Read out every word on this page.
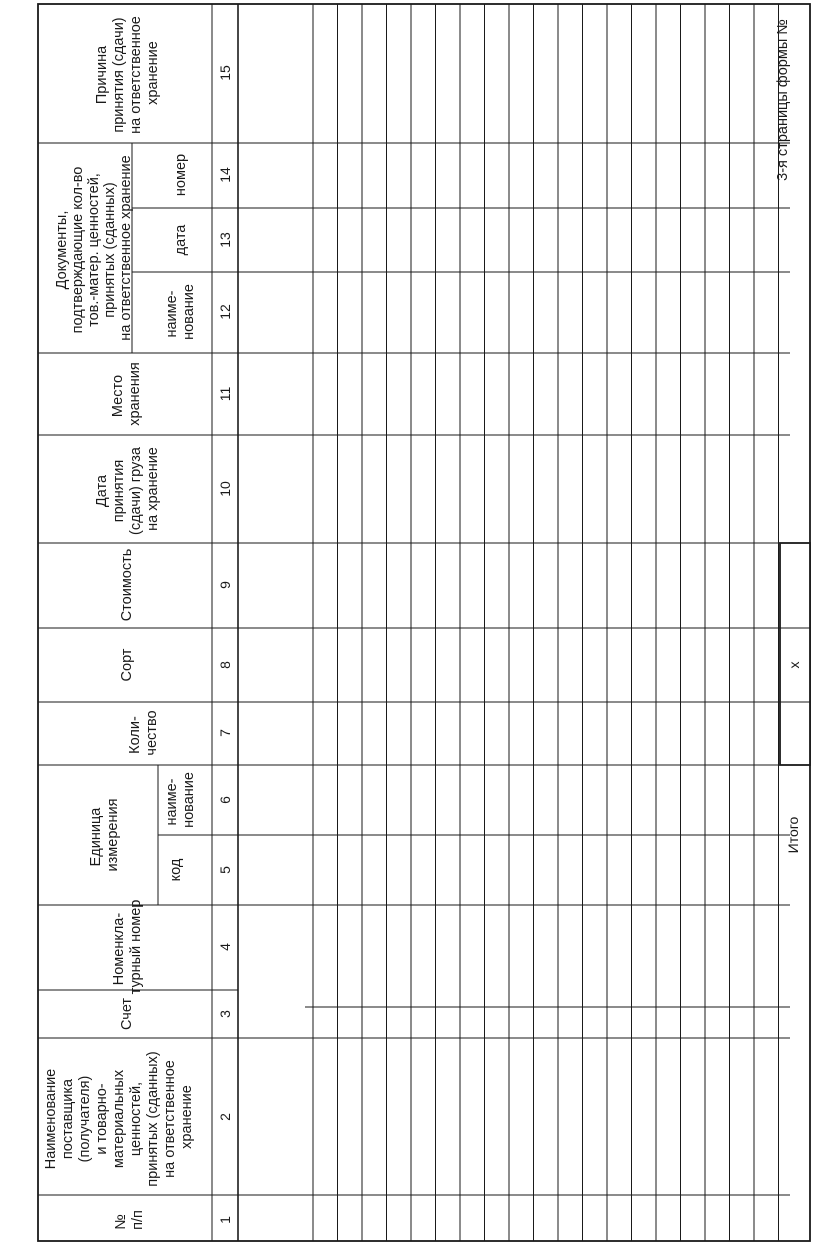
3-я страницы формы №
№ п/п
Наименование поставщика (получателя) и товарно- материальных ценностей, принятых (сданных) на ответственное хранение
Счет
Номенкла- турный номер
Единица измерения	код
наиме- нование
Коли- чество
Сорт
Стоимость
Дата принятия (сдачи) груза на хранение
Место хранения
Документы, подтверждающие кол-во тов.-матер. ценностей, принятых (сданных) на ответственное хранение наиме- нование
дата
номер
Причина принятия (сдачи) на ответственное хранение
1
2
3
4
5
6
7
8
9
10
11
12
13
14
15
Итого
x
